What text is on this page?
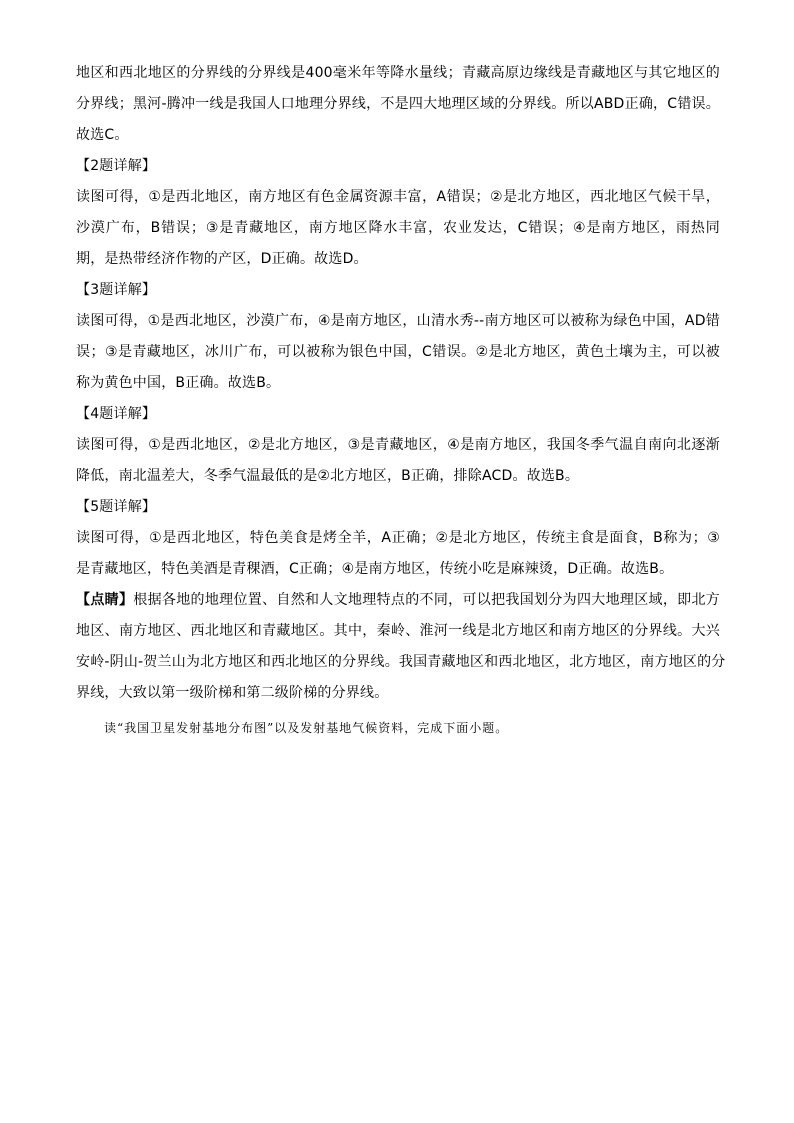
地区和西北地区的分界线的分界线是400毫米年等降水量线；青藏高原边缘线是青藏地区与其它地区的
分界线；黑河-腾冲一线是我国人口地理分界线，不是四大地理区域的分界线。所以ABD正确，C错误。
故选C。
【2题详解】
读图可得，①是西北地区，南方地区有色金属资源丰富，A错误；②是北方地区，西北地区气候干旱，
沙漠广布，B错误；③是青藏地区，南方地区降水丰富，农业发达，C错误；④是南方地区，雨热同
期，是热带经济作物的产区，D正确。故选D。
【3题详解】
读图可得，①是西北地区，沙漠广布，④是南方地区，山清水秀--南方地区可以被称为绿色中国，AD错
误；③是青藏地区，冰川广布，可以被称为银色中国，C错误。②是北方地区，黄色土壤为主，可以被
称为黄色中国，B正确。故选B。
【4题详解】
读图可得，①是西北地区，②是北方地区，③是青藏地区，④是南方地区，我国冬季气温自南向北逐渐
降低，南北温差大，冬季气温最低的是②北方地区，B正确，排除ACD。故选B。
【5题详解】
读图可得，①是西北地区，特色美食是烤全羊，A正确；②是北方地区，传统主食是面食，B称为；③
是青藏地区，特色美酒是青稞酒，C正确；④是南方地区，传统小吃是麻辣烫，D正确。故选B。
【点睛】根据各地的地理位置、自然和人文地理特点的不同，可以把我国划分为四大地理区域，即北方
地区、南方地区、西北地区和青藏地区。其中，秦岭、淮河一线是北方地区和南方地区的分界线。大兴
安岭-阴山-贺兰山为北方地区和西北地区的分界线。我国青藏地区和西北地区，北方地区，南方地区的分
界线，大致以第一级阶梯和第二级阶梯的分界线。
读“我国卫星发射基地分布图”以及发射基地气候资料，完成下面小题。
